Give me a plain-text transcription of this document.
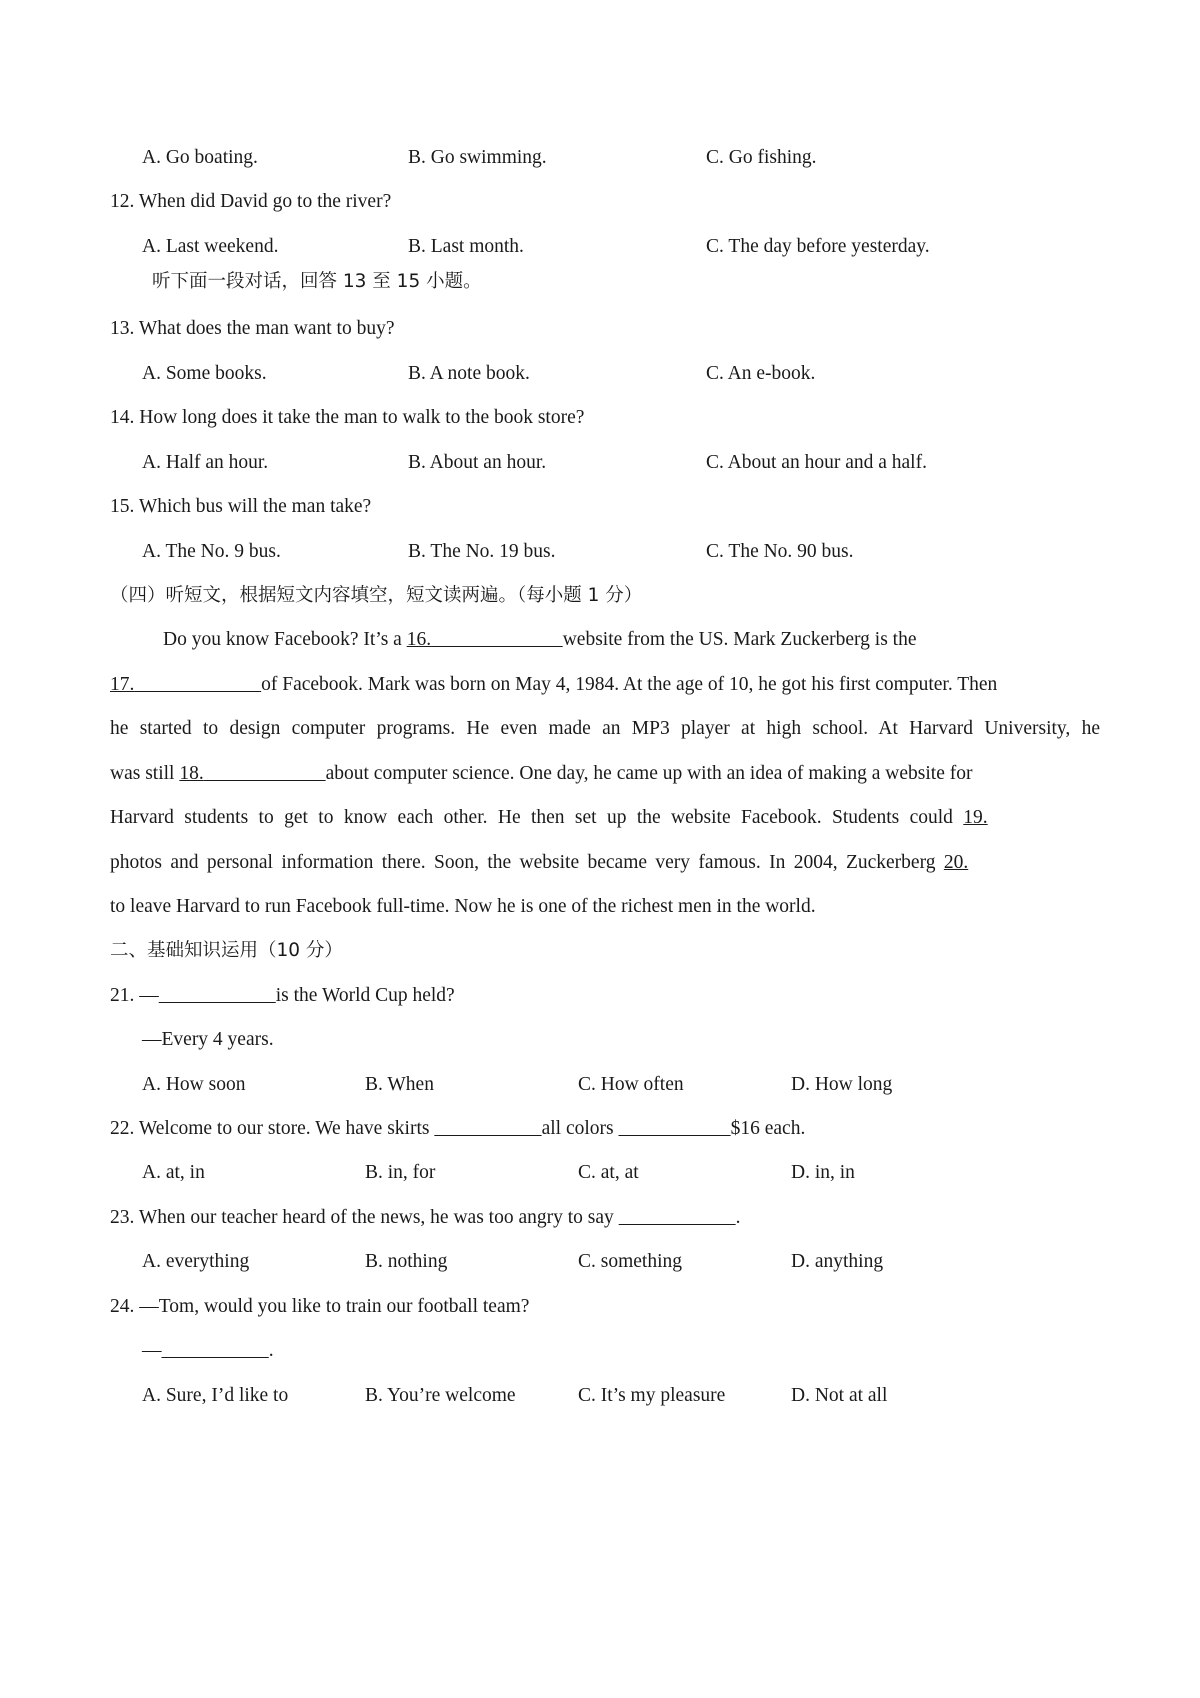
A. Go boating.	B. Go swimming.	C. Go fishing.
12. When did David go to the river?
A. Last weekend.	B. Last month.	C. The day before yesterday.
听下面一段对话，回答 13 至 15 小题。
13. What does the man want to buy?
A. Some books.	B. A note book.	C. An e-book.
14. How long does it take the man to walk to the book store?
A. Half an hour.	B. About an hour.	C. About an hour and a half.
15. Which bus will the man take?
A. The No. 9 bus.	B. The No. 19 bus.	C. The No. 90 bus.
（四）听短文，根据短文内容填空，短文读两遍。（每小题 1 分）
Do you know Facebook? It’s a 16.	website from the US. Mark Zuckerberg is the
17.	of Facebook. Mark was born on May 4, 1984. At the age of 10, he got his first computer. Then
he started to design computer programs. He even made an MP3 player at high school. At Harvard University, he
was still 18.	about computer science. One day, he came up with an idea of making a website for
Harvard students to get to know each other. He then set up the website Facebook. Students could 19.
photos and personal information there. Soon, the website became very famous. In 2004, Zuckerberg 20.
to leave Harvard to run Facebook full-time. Now he is one of the richest men in the world.
二、基础知识运用（10 分）
21. —	is the World Cup held?
—Every 4 years.
A. How soon	B. When	C. How often	D. How long
22. Welcome to our store. We have skirts	all colors	$16 each.
A. at, in	B. in, for	C. at, at	D. in, in
23. When our teacher heard of the news, he was too angry to say	.
A. everything	B. nothing	C. something	D. anything
24. —Tom, would you like to train our football team?
—	.
A. Sure, I’d like to	B. You’re welcome	C. It’s my pleasure	D. Not at all
